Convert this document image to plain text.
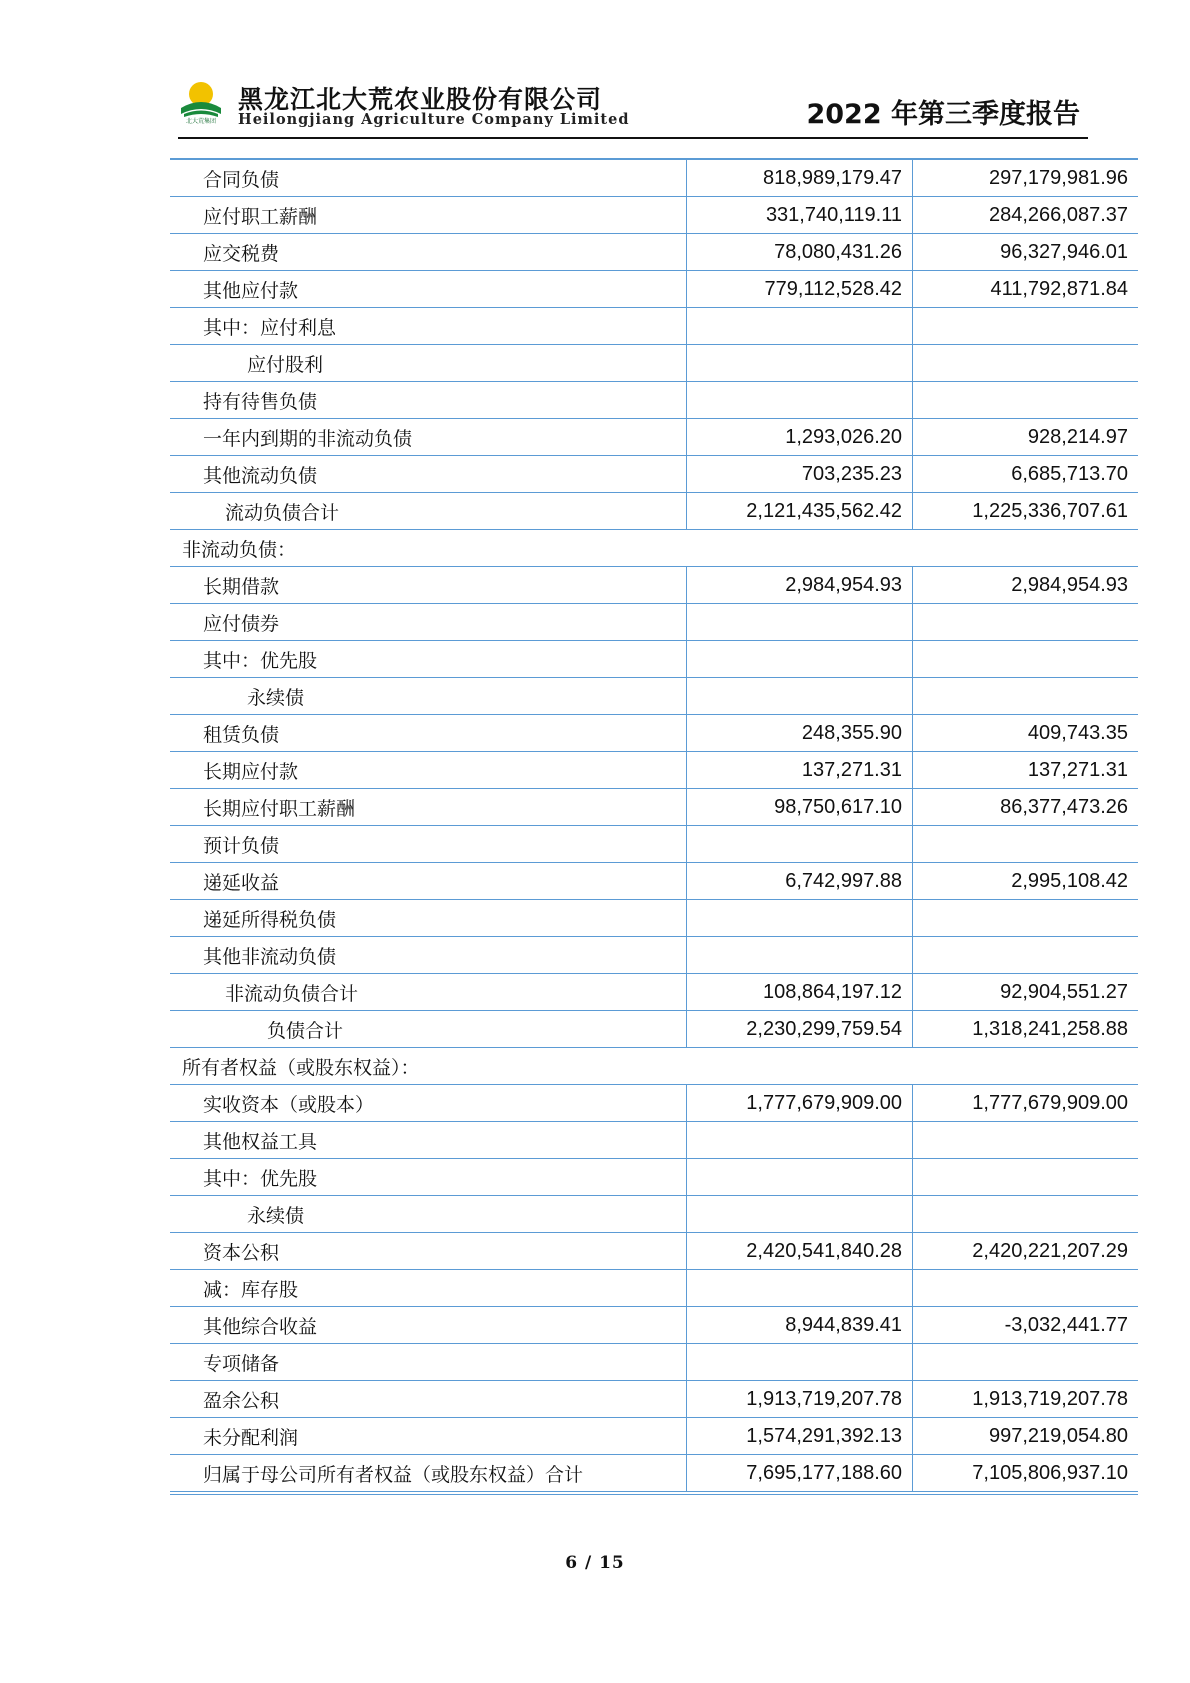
北大荒集团
黑龙江北大荒农业股份有限公司
Heilongjiang Agriculture Company Limited	2022 年第三季度报告
合同负债	818,989,179.47	297,179,981.96
应付职工薪酬	331,740,119.11	284,266,087.37
应交税费	78,080,431.26	96,327,946.01
其他应付款	779,112,528.42	411,792,871.84
其中：应付利息		
应付股利		
持有待售负债		
一年内到期的非流动负债	1,293,026.20	928,214.97
其他流动负债	703,235.23	6,685,713.70
流动负债合计	2,121,435,562.42	1,225,336,707.61
非流动负债：		
长期借款	2,984,954.93	2,984,954.93
应付债券		
其中：优先股		
永续债		
租赁负债	248,355.90	409,743.35
长期应付款	137,271.31	137,271.31
长期应付职工薪酬	98,750,617.10	86,377,473.26
预计负债		
递延收益	6,742,997.88	2,995,108.42
递延所得税负债		
其他非流动负债		
非流动负债合计	108,864,197.12	92,904,551.27
负债合计	2,230,299,759.54	1,318,241,258.88
所有者权益（或股东权益）：		
实收资本（或股本）	1,777,679,909.00	1,777,679,909.00
其他权益工具		
其中：优先股		
永续债		
资本公积	2,420,541,840.28	2,420,221,207.29
减：库存股		
其他综合收益	8,944,839.41	-3,032,441.77
专项储备		
盈余公积	1,913,719,207.78	1,913,719,207.78
未分配利润	1,574,291,392.13	997,219,054.80
归属于母公司所有者权益（或股东权益）合计	7,695,177,188.60	7,105,806,937.10
6 / 15
